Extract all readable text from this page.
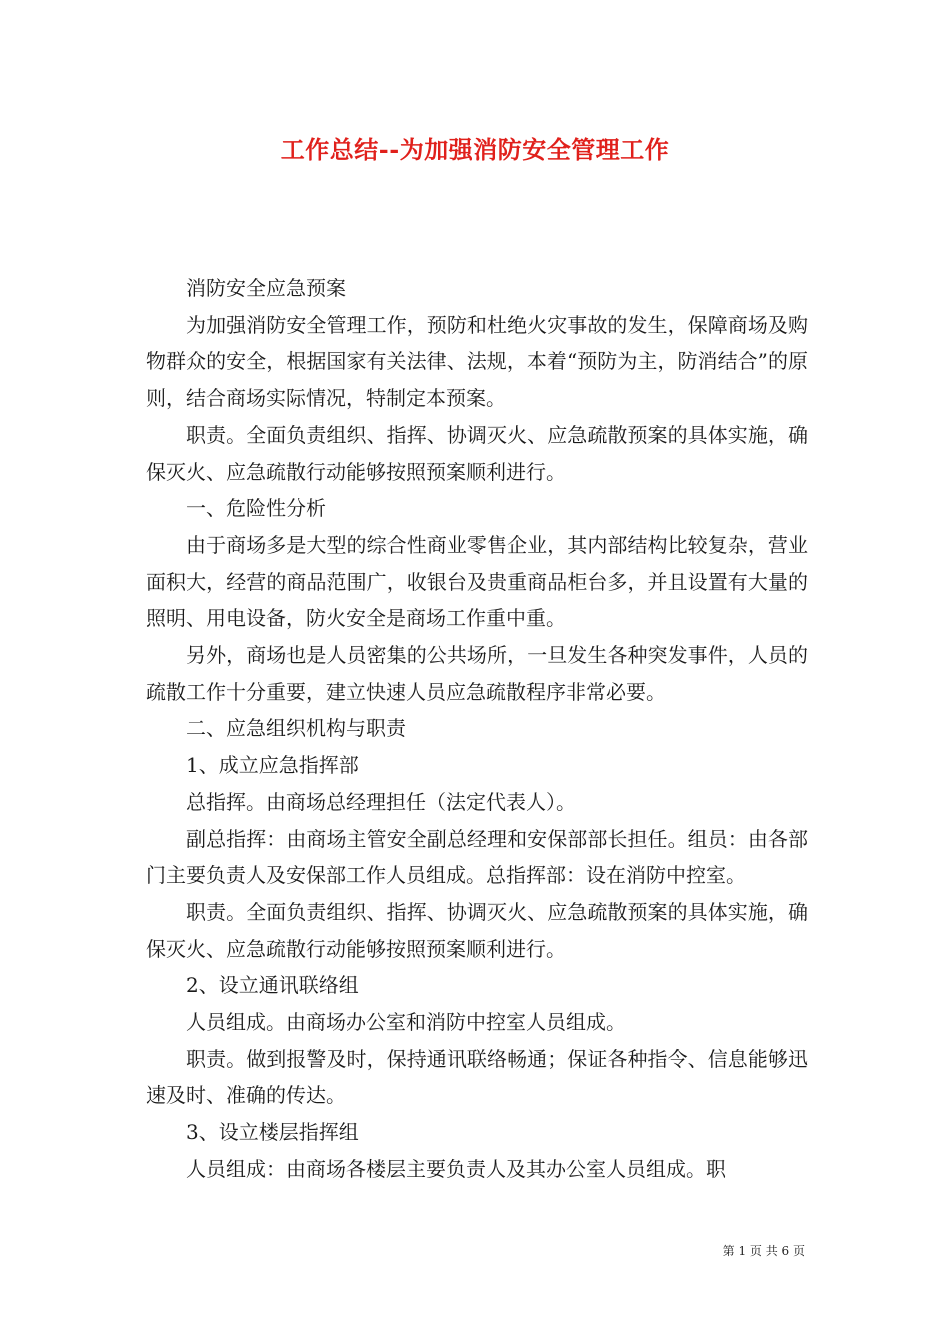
工作总结--为加强消防安全管理工作

消防安全应急预案

为加强消防安全管理工作，预防和杜绝火灾事故的发生，保障商场及购物群众的安全，根据国家有关法律、法规，本着“预防为主，防消结合”的原则，结合商场实际情况，特制定本预案。

职责。全面负责组织、指挥、协调灭火、应急疏散预案的具体实施，确保灭火、应急疏散行动能够按照预案顺利进行。

一、危险性分析

由于商场多是大型的综合性商业零售企业，其内部结构比较复杂，营业面积大，经营的商品范围广，收银台及贵重商品柜台多，并且设置有大量的照明、用电设备，防火安全是商场工作重中重。

另外，商场也是人员密集的公共场所，一旦发生各种突发事件，人员的疏散工作十分重要，建立快速人员应急疏散程序非常必要。

二、应急组织机构与职责

1、成立应急指挥部

总指挥。由商场总经理担任（法定代表人）。

副总指挥：由商场主管安全副总经理和安保部部长担任。组员：由各部门主要负责人及安保部工作人员组成。总指挥部：设在消防中控室。

职责。全面负责组织、指挥、协调灭火、应急疏散预案的具体实施，确保灭火、应急疏散行动能够按照预案顺利进行。

2、设立通讯联络组

人员组成。由商场办公室和消防中控室人员组成。

职责。做到报警及时，保持通讯联络畅通；保证各种指令、信息能够迅速及时、准确的传达。

3、设立楼层指挥组

人员组成：由商场各楼层主要负责人及其办公室人员组成。职

第 1 页 共 6 页
